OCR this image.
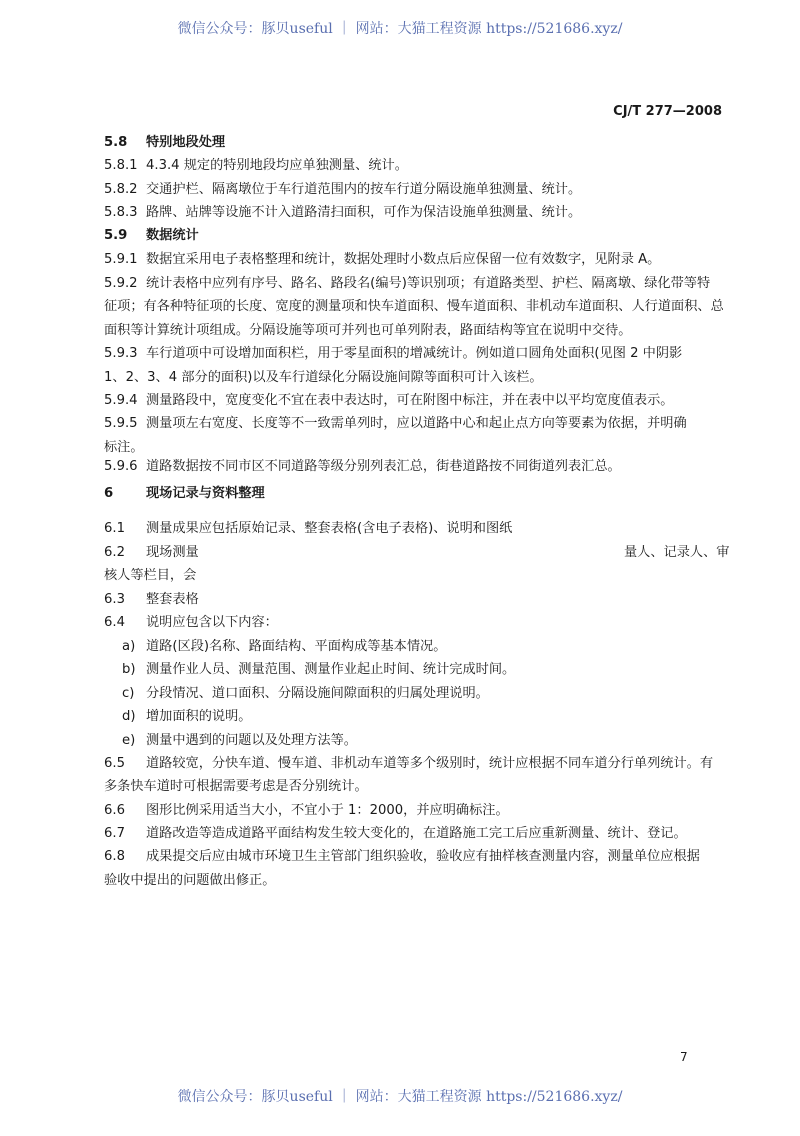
微信公众号：豚贝useful ｜ 网站：大猫工程资源 https://521686.xyz/
CJ/T 277—2008
5.8 特别地段处理
5.8.1 4.3.4 规定的特别地段均应单独测量、统计。
5.8.2 交通护栏、隔离墩位于车行道范围内的按车行道分隔设施单独测量、统计。
5.8.3 路牌、站牌等设施不计入道路清扫面积，可作为保洁设施单独测量、统计。
5.9 数据统计
5.9.1 数据宜采用电子表格整理和统计，数据处理时小数点后应保留一位有效数字，见附录 A。
5.9.2 统计表格中应列有序号、路名、路段名(编号)等识别项；有道路类型、护栏、隔离墩、绿化带等特
征项；有各种特征项的长度、宽度的测量项和快车道面积、慢车道面积、非机动车道面积、人行道面积、总
面积等计算统计项组成。分隔设施等项可并列也可单列附表，路面结构等宜在说明中交待。
5.9.3 车行道项中可设增加面积栏，用于零星面积的增减统计。例如道口圆角处面积(见图 2 中阴影
1、2、3、4 部分的面积)以及车行道绿化分隔设施间隙等面积可计入该栏。
5.9.4 测量路段中，宽度变化不宜在表中表达时，可在附图中标注，并在表中以平均宽度值表示。
5.9.5 测量项左右宽度、长度等不一致需单列时，应以道路中心和起止点方向等要素为依据，并明确
标注。
5.9.6 道路数据按不同市区不同道路等级分别列表汇总，街巷道路按不同街道列表汇总。
6 现场记录与资料整理
6.1 测量成果应包括原始记录、整套表格(含电子表格)、说明和图纸
6.2 现场测量
核人等栏目，会
6.3 整套表格
6.4 说明应包含以下内容：
a) 道路(区段)名称、路面结构、平面构成等基本情况。
b) 测量作业人员、测量范围、测量作业起止时间、统计完成时间。
c) 分段情况、道口面积、分隔设施间隙面积的归属处理说明。
d) 增加面积的说明。
e) 测量中遇到的问题以及处理方法等。
6.5 道路较宽，分快车道、慢车道、非机动车道等多个级别时，统计应根据不同车道分行单列统计。有
多条快车道时可根据需要考虑是否分别统计。
6.6 图形比例采用适当大小，不宜小于 1：2000，并应明确标注。
6.7 道路改造等造成道路平面结构发生较大变化的，在道路施工完工后应重新测量、统计、登记。
6.8 成果提交后应由城市环境卫生主管部门组织验收，验收应有抽样核查测量内容，测量单位应根据
验收中提出的问题做出修正。
量人、记录人、审
7
微信公众号：豚贝useful ｜ 网站：大猫工程资源 https://521686.xyz/
